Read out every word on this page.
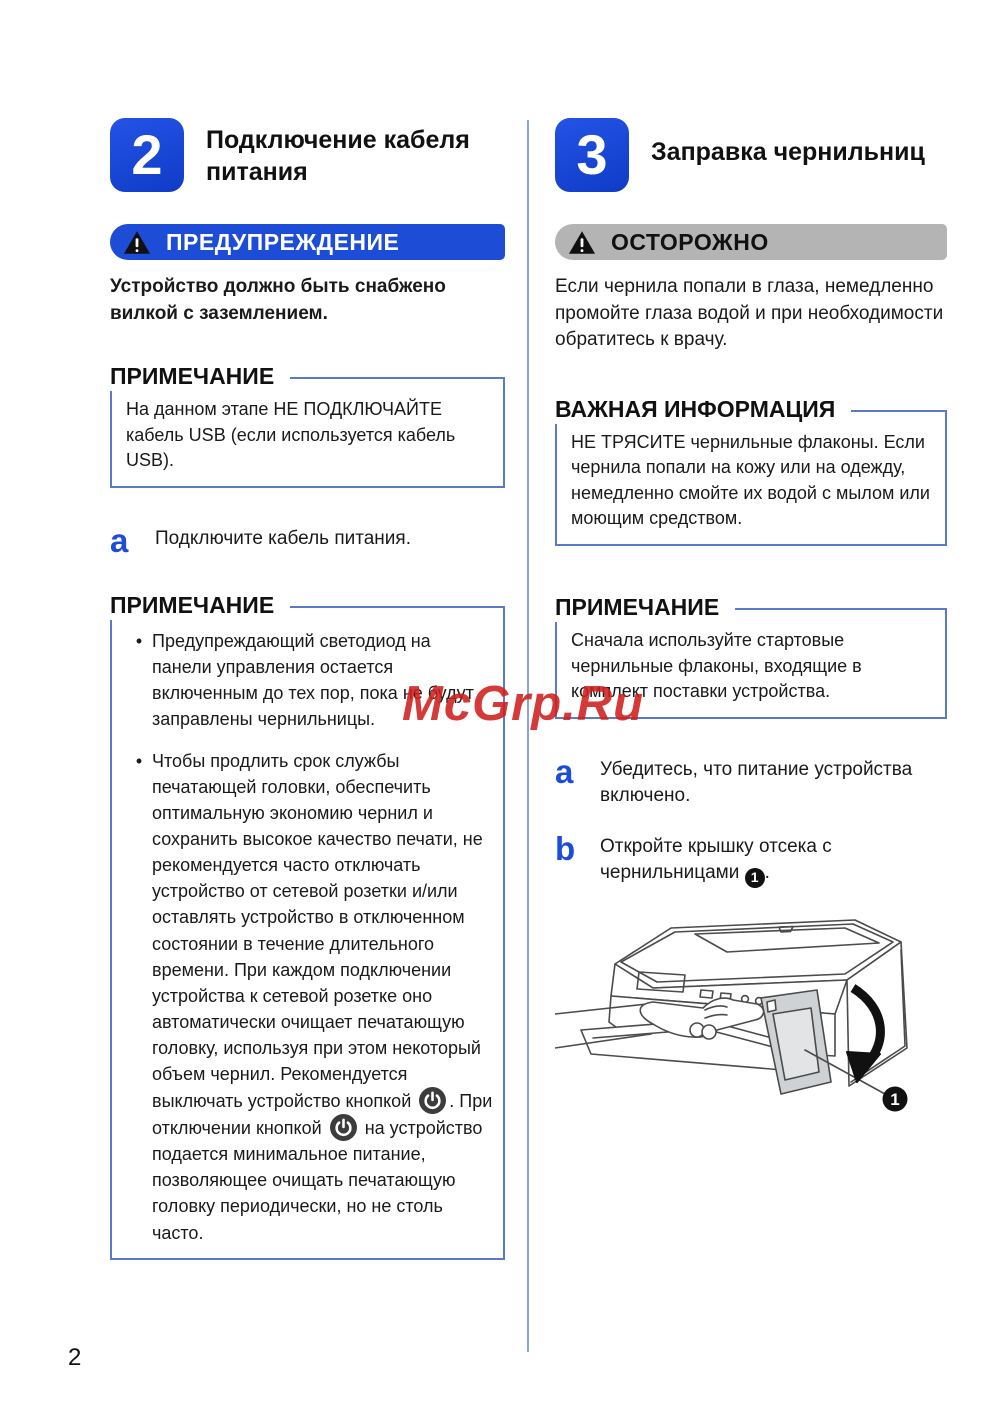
2	Подключение кабеля питания
ПРЕДУПРЕЖДЕНИЕ

Устройство должно быть снабжено вилкой с заземлением.

ПРИМЕЧАНИЕ

На данном этапе НЕ ПОДКЛЮЧАЙТЕ кабель USB (если используется кабель USB).

a	Подключите кабель питания.

ПРИМЕЧАНИЕ
• Предупреждающий светодиод на панели управления остается включенным до тех пор, пока не будут заправлены чернильницы.

• Чтобы продлить срок службы печатающей головки, обеспечить оптимальную экономию чернил и сохранить высокое качество печати, не рекомендуется часто отключать устройство от сетевой розетки и/или оставлять устройство в отключенном состоянии в течение длительного времени. При каждом подключении устройства к сетевой розетке оно автоматически очищает печатающую головку, используя при этом некоторый объем чернил. Рекомендуется выключать устройство кнопкой
. При отключении кнопкой
на устройство подается минимальное питание, позволяющее очищать печатающую головку периодически, но не столь часто.

3	Заправка чернильниц
ОСТОРОЖНО

Если чернила попали в глаза, немедленно промойте глаза водой и при необходимости обратитесь к врачу.

ВАЖНАЯ ИНФОРМАЦИЯ

НЕ ТРЯСИТЕ чернильные флаконы. Если чернила попали на кожу или на одежду, немедленно смойте их водой с мылом или моющим средством.

ПРИМЕЧАНИЕ

Сначала используйте стартовые чернильные флаконы, входящие в комплект поставки устройства.

a	Убедитесь, что питание устройства включено.

b	Откройте крышку отсека с чернильницами 1 .

1
McGrp.Ru
2
